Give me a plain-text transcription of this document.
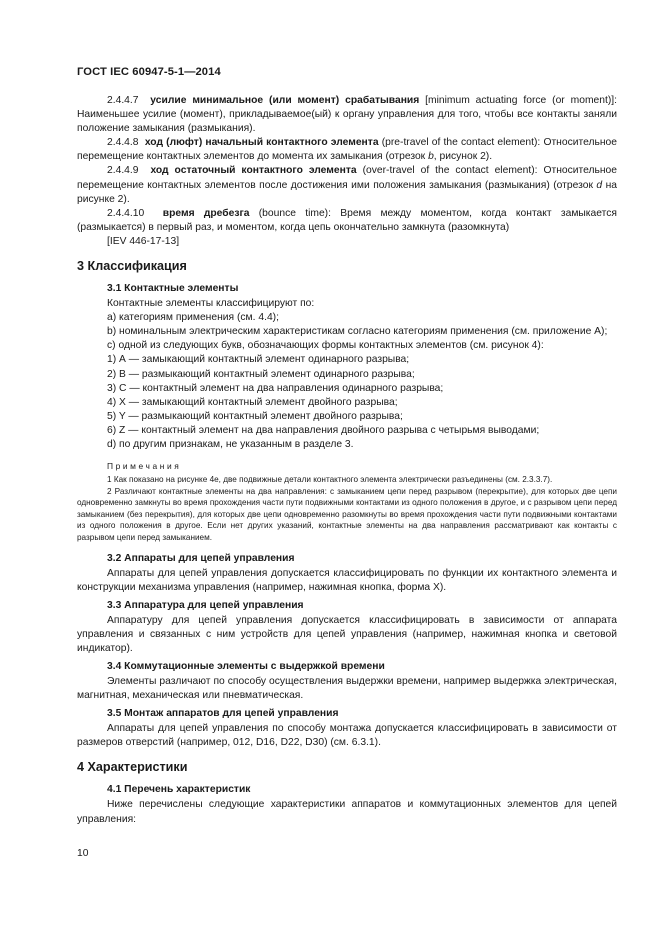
ГОСТ IEC 60947-5-1—2014

2.4.4.7 усилие минимальное (или момент) срабатывания [minimum actuating force (or moment)]: Наименьшее усилие (момент), прикладываемое(ый) к органу управления для того, чтобы все контакты заняли положение замыкания (размыкания).

2.4.4.8 ход (люфт) начальный контактного элемента (pre-travel of the contact element): Относительное перемещение контактных элементов до момента их замыкания (отрезок b, рисунок 2).

2.4.4.9 ход остаточный контактного элемента (over-travel of the contact element): Относительное перемещение контактных элементов после достижения ими положения замыкания (размыкания) (отрезок d на рисунке 2).

2.4.4.10 время дребезга (bounce time): Время между моментом, когда контакт замыкается (размыкается) в первый раз, и моментом, когда цепь окончательно замкнута (разомкнута)

[IEV 446-17-13]

3 Классификация
3.1 Контактные элементы

Контактные элементы классифицируют по:

a) категориям применения (см. 4.4);

b) номинальным электрическим характеристикам согласно категориям применения (см. приложение А);

c) одной из следующих букв, обозначающих формы контактных элементов (см. рисунок 4):

1) А — замыкающий контактный элемент одинарного разрыва;

2) В — размыкающий контактный элемент одинарного разрыва;

3) С — контактный элемент на два направления одинарного разрыва;

4) X — замыкающий контактный элемент двойного разрыва;

5) Y — размыкающий контактный элемент двойного разрыва;

6) Z — контактный элемент на два направления двойного разрыва с четырьмя выводами;

d) по другим признакам, не указанным в разделе 3.

Примечания
1 Как показано на рисунке 4е, две подвижные детали контактного элемента электрически разъединены (см. 2.3.3.7).
2 Различают контактные элементы на два направления: с замыканием цепи перед разрывом (перекрытие), для которых две цепи одновременно замкнуты во время прохождения части пути подвижными контактами из одного положения в другое, и с разрывом цепи перед замыканием (без перекрытия), для которых две цепи одновременно разомкнуты во время прохождения части пути подвижными контактами из одного положения в другое. Если нет других указаний, контактные элементы на два направления рассматривают как контакты с разрывом цепи перед замыканием.
3.2 Аппараты для цепей управления

Аппараты для цепей управления допускается классифицировать по функции их контактного элемента и конструкции механизма управления (например, нажимная кнопка, форма X).

3.3 Аппаратура для цепей управления

Аппаратуру для цепей управления допускается классифицировать в зависимости от аппарата управления и связанных с ним устройств для цепей управления (например, нажимная кнопка и световой индикатор).

3.4 Коммутационные элементы с выдержкой времени

Элементы различают по способу осуществления выдержки времени, например выдержка электрическая, магнитная, механическая или пневматическая.

3.5 Монтаж аппаратов для цепей управления

Аппараты для цепей управления по способу монтажа допускается классифицировать в зависимости от размеров отверстий (например, 012, D16, D22, D30) (см. 6.3.1).

4 Характеристики
4.1 Перечень характеристик

Ниже перечислены следующие характеристики аппаратов и коммутационных элементов для цепей управления:

10
